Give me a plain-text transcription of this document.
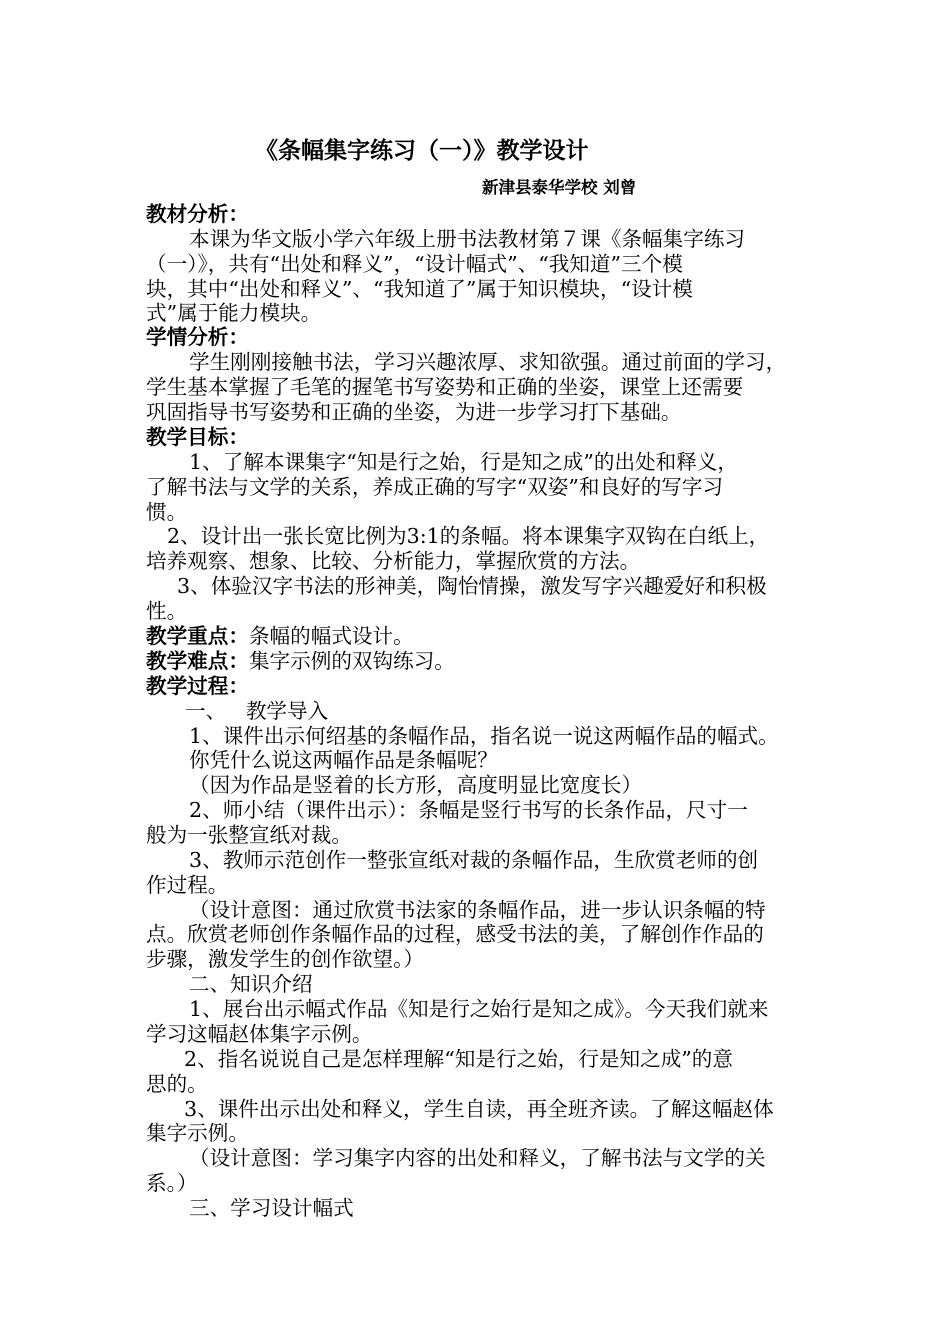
《条幅集字练习（一）》教学设计
新津县泰华学校 刘曾
教材分析：
本课为华文版小学六年级上册书法教材第７课《条幅集字练习
（一）》，共有“出处和释义”，“设计幅式”、“我知道”三个模
块，其中“出处和释义”、“我知道了”属于知识模块，“设计模
式”属于能力模块。
学情分析：
学生刚刚接触书法，学习兴趣浓厚、求知欲强。通过前面的学习，
学生基本掌握了毛笔的握笔书写姿势和正确的坐姿，课堂上还需要
巩固指导书写姿势和正确的坐姿，为进一步学习打下基础。
教学目标：
1、了解本课集字“知是行之始，行是知之成”的出处和释义，
了解书法与文学的关系，养成正确的写字“双姿”和良好的写字习
惯。
2、设计出一张长宽比例为3:1的条幅。将本课集字双钩在白纸上，
培养观察、想象、比较、分析能力，掌握欣赏的方法。
3、体验汉字书法的形神美，陶怡情操，激发写字兴趣爱好和积极
性。
教学重点：条幅的幅式设计。
教学难点：集字示例的双钩练习。
教学过程：
一、   教学导入
1、课件出示何绍基的条幅作品，指名说一说这两幅作品的幅式。
你凭什么说这两幅作品是条幅呢？
（因为作品是竖着的长方形，高度明显比宽度长）
2、师小结（课件出示）：条幅是竖行书写的长条作品，尺寸一
般为一张整宣纸对裁。
3、教师示范创作一整张宣纸对裁的条幅作品，生欣赏老师的创
作过程。
（设计意图：通过欣赏书法家的条幅作品，进一步认识条幅的特
点。欣赏老师创作条幅作品的过程，感受书法的美，了解创作作品的
步骤，激发学生的创作欲望。）
二、知识介绍
1、展台出示幅式作品《知是行之始行是知之成》。今天我们就来
学习这幅赵体集字示例。
2、指名说说自己是怎样理解“知是行之始，行是知之成”的意
思的。
3、课件出示出处和释义，学生自读，再全班齐读。了解这幅赵体
集字示例。
（设计意图：学习集字内容的出处和释义，了解书法与文学的关
系。）
三、学习设计幅式
